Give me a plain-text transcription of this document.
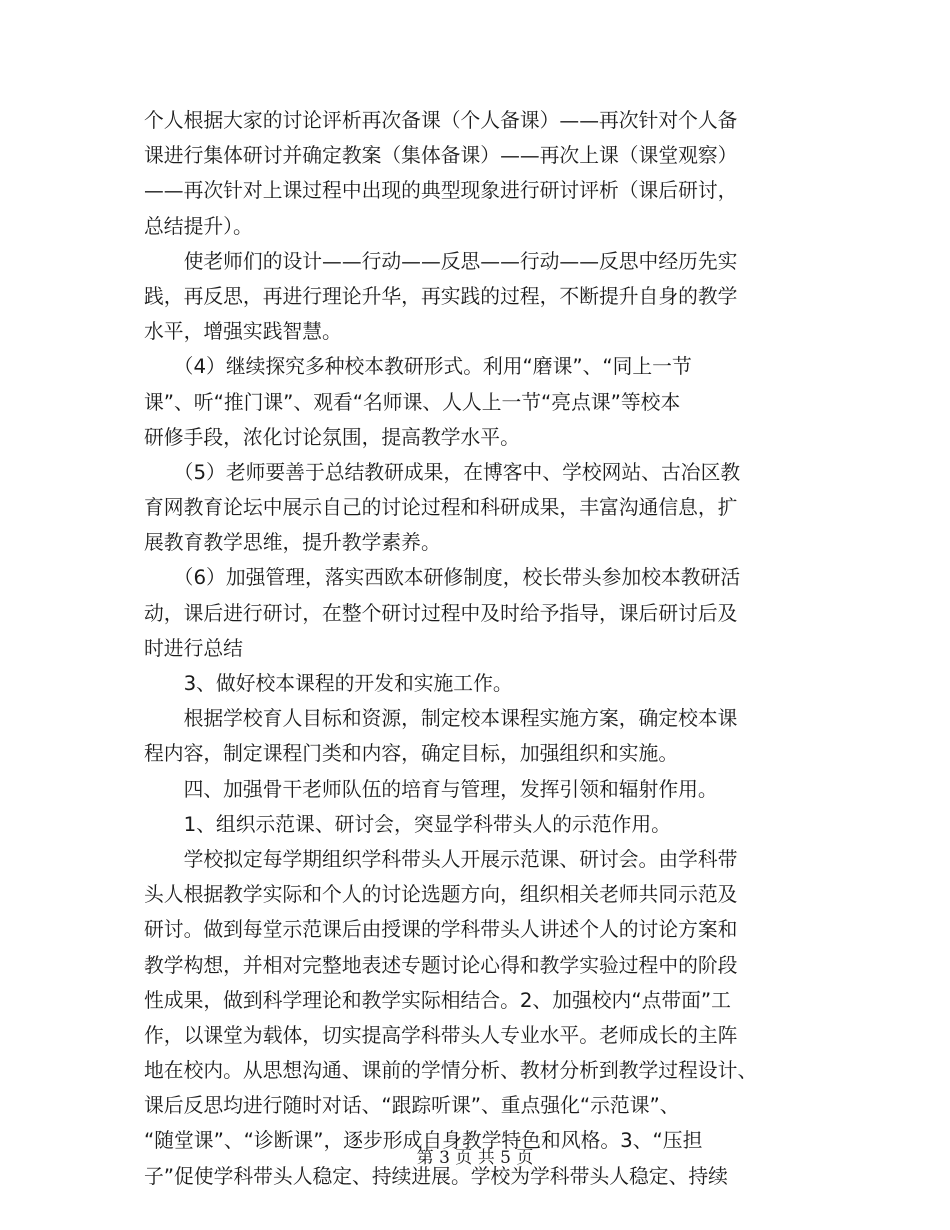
个人根据大家的讨论评析再次备课（个人备课）——再次针对个人备
课进行集体研讨并确定教案（集体备课）——再次上课（课堂观察）
——再次针对上课过程中出现的典型现象进行研讨评析（课后研讨，
总结提升）。
　　使老师们的设计——行动——反思——行动——反思中经历先实
践，再反思，再进行理论升华，再实践的过程，不断提升自身的教学
水平，增强实践智慧。
　　（4）继续探究多种校本教研形式。利用“磨课”、“同上一节
课”、听“推门课”、观看“名师课、人人上一节“亮点课”等校本
研修手段，浓化讨论氛围，提高教学水平。
　　（5）老师要善于总结教研成果，在博客中、学校网站、古冶区教
育网教育论坛中展示自己的讨论过程和科研成果，丰富沟通信息，扩
展教育教学思维，提升教学素养。
　　（6）加强管理，落实西欧本研修制度，校长带头参加校本教研活
动，课后进行研讨，在整个研讨过程中及时给予指导，课后研讨后及
时进行总结
　　3、做好校本课程的开发和实施工作。
　　根据学校育人目标和资源，制定校本课程实施方案，确定校本课
程内容，制定课程门类和内容，确定目标，加强组织和实施。
　　四、加强骨干老师队伍的培育与管理，发挥引领和辐射作用。
　　1、组织示范课、研讨会，突显学科带头人的示范作用。
　　学校拟定每学期组织学科带头人开展示范课、研讨会。由学科带
头人根据教学实际和个人的讨论选题方向，组织相关老师共同示范及
研讨。做到每堂示范课后由授课的学科带头人讲述个人的讨论方案和
教学构想，并相对完整地表述专题讨论心得和教学实验过程中的阶段
性成果，做到科学理论和教学实际相结合。2、加强校内“点带面”工
作，以课堂为载体，切实提高学科带头人专业水平。老师成长的主阵
地在校内。从思想沟通、课前的学情分析、教材分析到教学过程设计、
课后反思均进行随时对话、“跟踪听课”、重点强化“示范课”、
“随堂课”、“诊断课”，逐步形成自身教学特色和风格。3、“压担
子”促使学科带头人稳定、持续进展。学校为学科带头人稳定、持续
第 3 页 共 5 页
